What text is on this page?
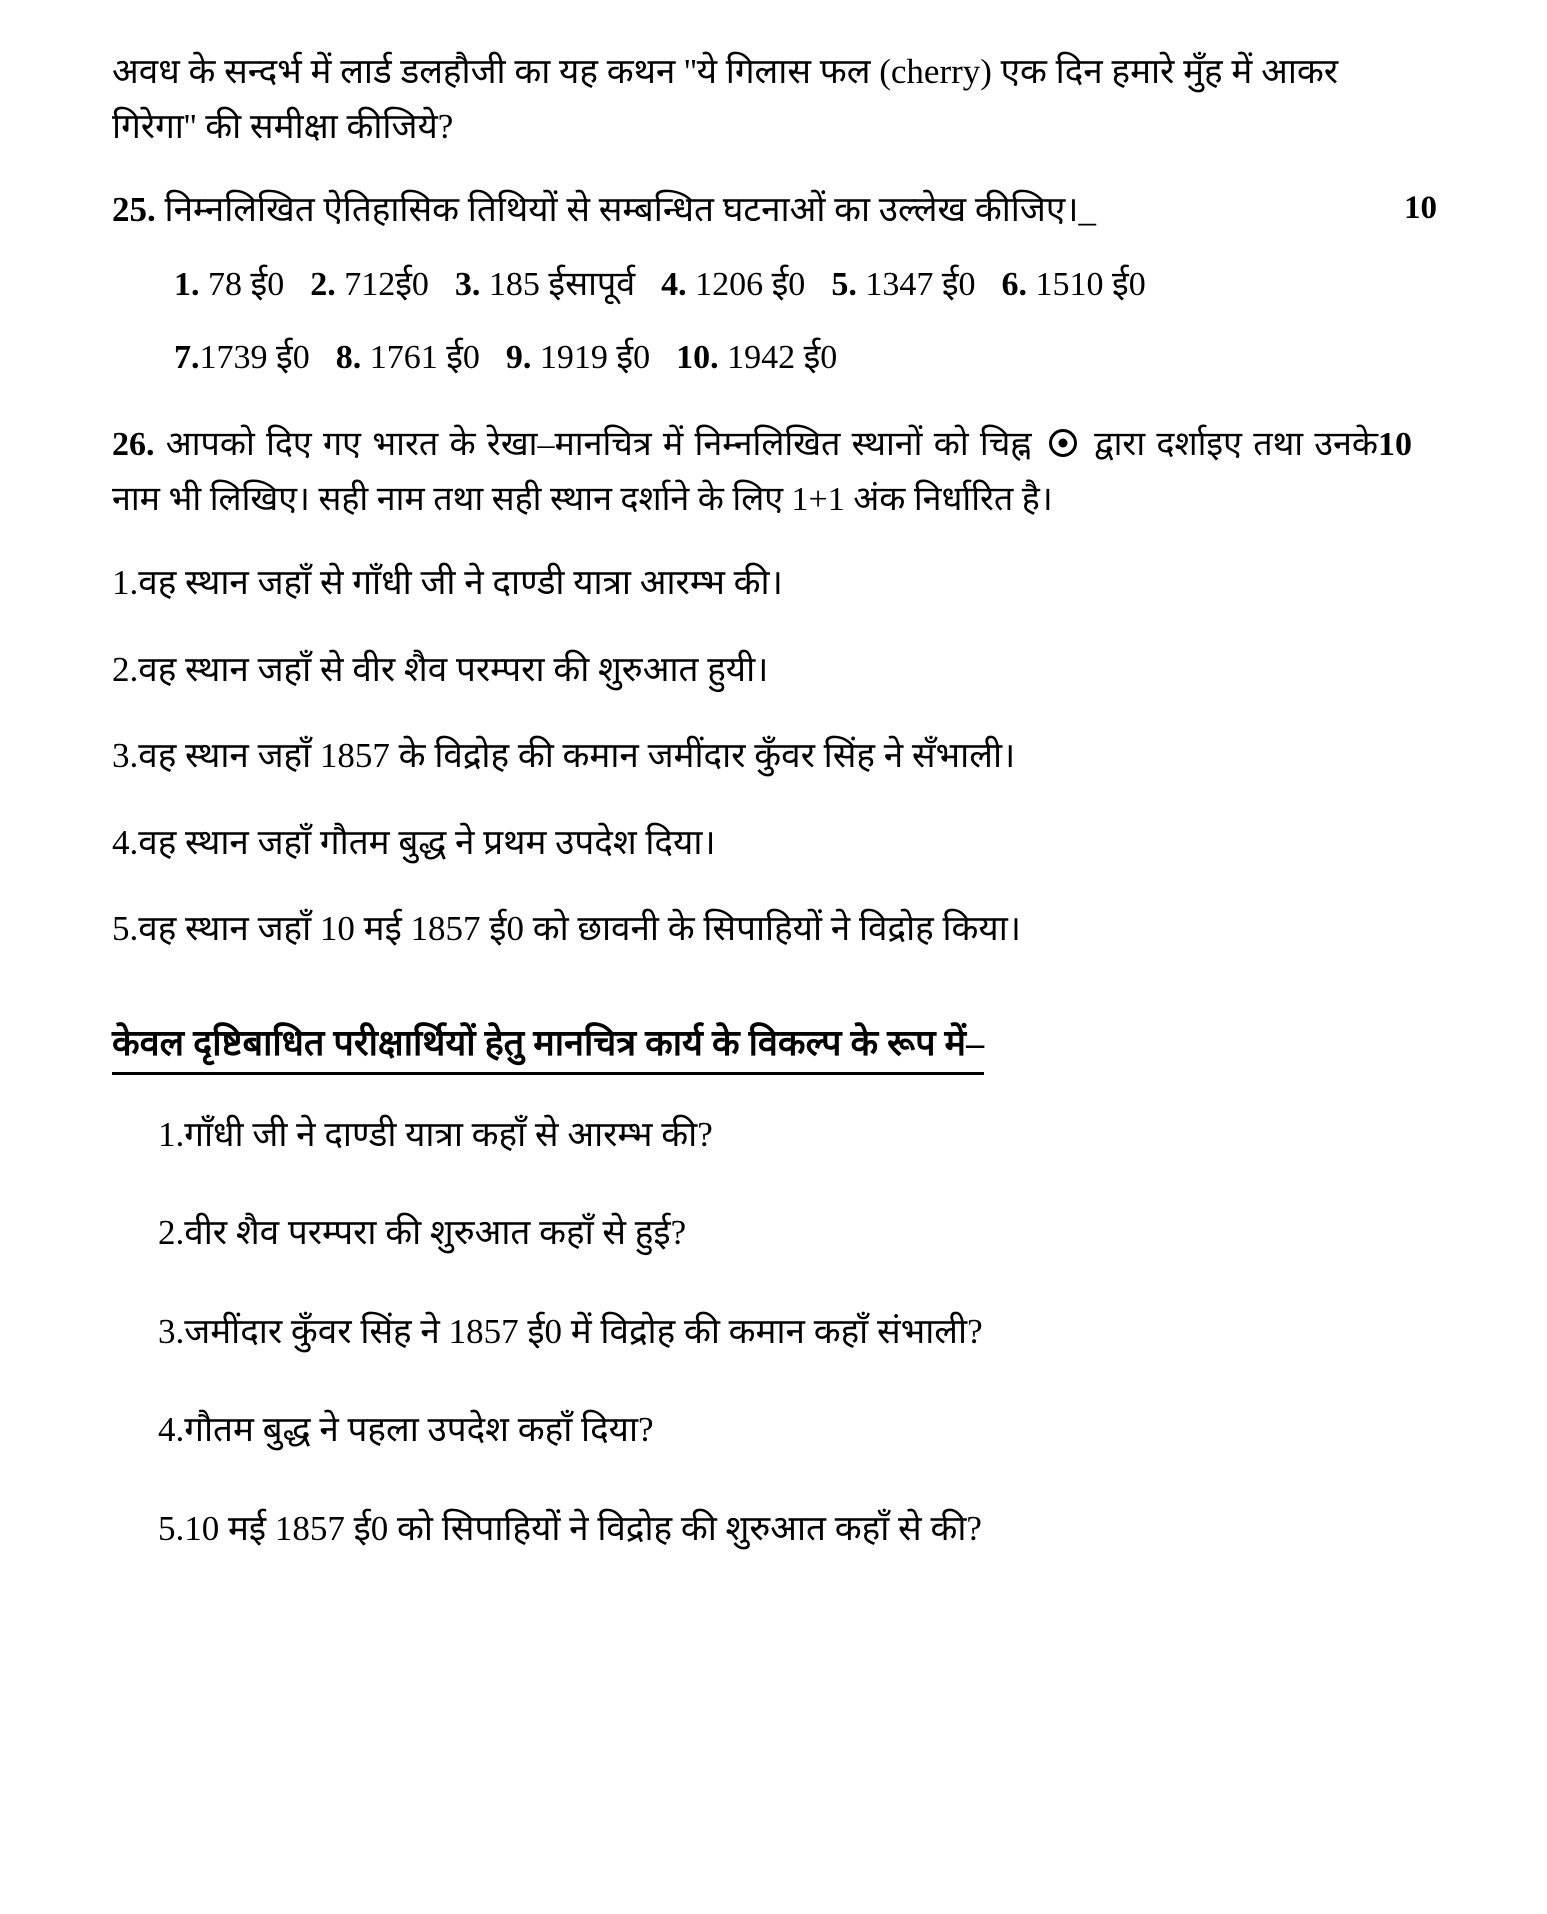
अवध के सन्दर्भ में लार्ड डलहौजी का यह कथन ''ये गिलास फल (cherry) एक दिन हमारे मुँह में आकर गिरेगा'' की समीक्षा कीजिये?

25. निम्नलिखित ऐतिहासिक तिथियों से सम्बन्धित घटनाओं का उल्लेख कीजिए।_	10
1. 78 ई0 2. 712ई0 3. 185 ईसापूर्व 4. 1206 ई0 5. 1347 ई0 6. 1510 ई0
7.1739 ई0 8. 1761 ई0 9. 1919 ई0 10. 1942 ई0

10
26. आपको दिए गए भारत के रेखा–मानचित्र में निम्नलिखित स्थानों को चिह्न  द्वारा दर्शाइए तथा उनके नाम भी लिखिए। सही नाम तथा सही स्थान दर्शाने के लिए 1+1 अंक निर्धारित है।

1.वह स्थान जहाँ से गाँधी जी ने दाण्डी यात्रा आरम्भ की।
2.वह स्थान जहाँ से वीर शैव परम्परा की शुरुआत हुयी।
3.वह स्थान जहाँ 1857 के विद्रोह की कमान जमींदार कुँवर सिंह ने सँभाली।
4.वह स्थान जहाँ गौतम बुद्ध ने प्रथम उपदेश दिया।
5.वह स्थान जहाँ 10 मई 1857 ई0 को छावनी के सिपाहियों ने विद्रोह किया।
केवल दृष्टिबाधित परीक्षार्थियों हेतु मानचित्र कार्य के विकल्प के रूप में–
1.गाँधी जी ने दाण्डी यात्रा कहाँ से आरम्भ की?
2.वीर शैव परम्परा की शुरुआत कहाँ से हुई?
3.जमींदार कुँवर सिंह ने 1857 ई0 में विद्रोह की कमान कहाँ संभाली?
4.गौतम बुद्ध ने पहला उपदेश कहाँ दिया?
5.10 मई 1857 ई0 को सिपाहियों ने विद्रोह की शुरुआत कहाँ से की?
